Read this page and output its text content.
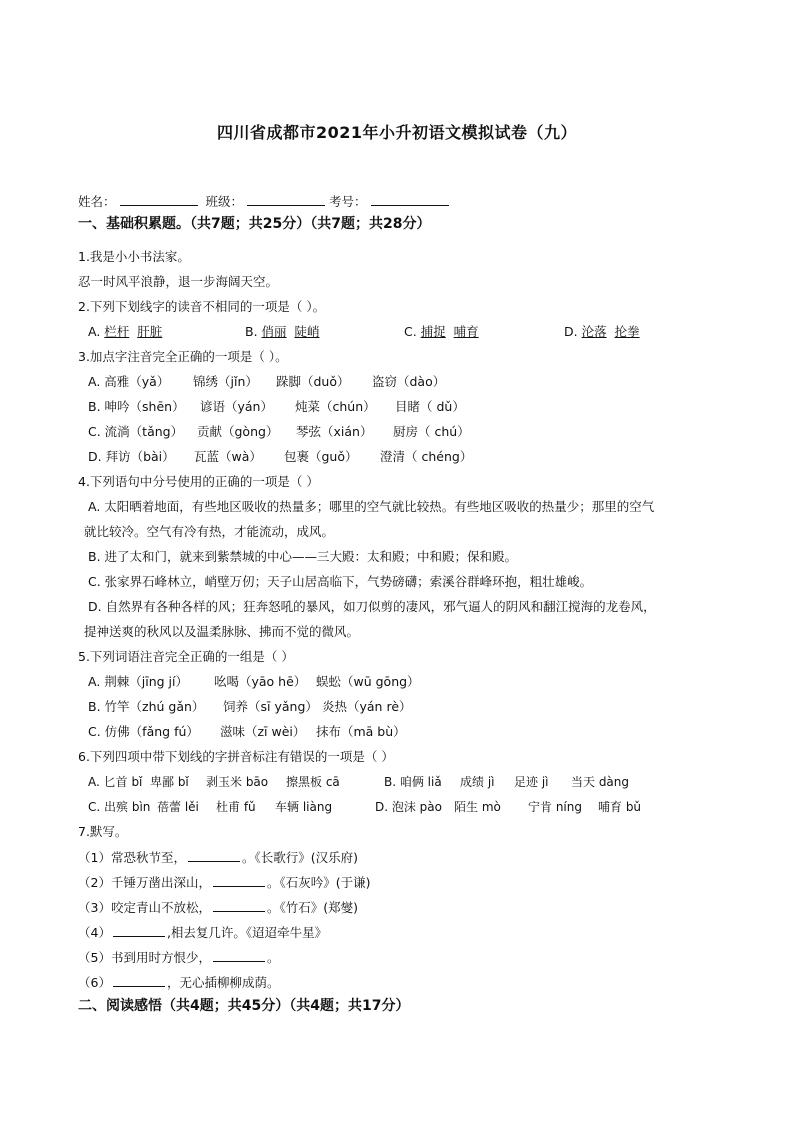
四川省成都市2021年小升初语文模拟试卷（九）
姓名：	班级：	考号：
一、基础积累题。（共7题；共25分）（共7题；共28分）
1.我是小小书法家。
忍一时风平浪静，退一步海阔天空。
2.下列下划线字的读音不相同的一项是（ ）。
A. 栏杆 肝脏	B. 俏丽 陡峭	C. 捕捉 哺育	D. 沦落 抡拳
3.加点字注音完全正确的一项是（ ）。
A. 高雅（yǎ） 锦绣（jǐn） 跺脚（duǒ） 盗窃（dào）
B. 呻吟（shēn） 谚语（yán） 炖菜（chún） 目睹（ dǔ）
C. 流淌（tǎng） 贡献（gòng） 琴弦（xián） 厨房（ chú）
D. 拜访（bài） 瓦蓝（wà） 包裹（guǒ） 澄清（ chéng）
4.下列语句中分号使用的正确的一项是（ ）
A. 太阳晒着地面，有些地区吸收的热量多；哪里的空气就比较热。有些地区吸收的热量少；那里的空气
就比较冷。空气有冷有热，才能流动，成风。
B. 进了太和门，就来到紫禁城的中心——三大殿：太和殿；中和殿；保和殿。
C. 张家界石峰林立，峭壁万仞；天子山居高临下，气势磅礴；索溪谷群峰环抱，粗壮雄峻。
D. 自然界有各种各样的风；狂奔怒吼的暴风，如刀似剪的凄风，邪气逼人的阴风和翻江搅海的龙卷风，
提神送爽的秋风以及温柔脉脉、拂而不觉的微风。
5.下列词语注音完全正确的一组是（ ）
A. 荆棘（jīng jí） 吆喝（yāo hē） 蜈蚣（wū gōng）
B. 竹竿（zhú gǎn） 饲养（sī yǎng） 炎热（yán rè）
C. 仿佛（fǎng fú） 滋味（zī wèi） 抹布（mā bù）
6.下列四项中带下划线的字拼音标注有错误的一项是（ ）
A. 匕首 bǐ 卑鄙 bǐ 剥玉米 bāo 擦黑板 cā	B. 咱俩 liǎ 成绩 jì 足迹 jì 当天 dàng
C. 出殡 bìn 蓓蕾 lěi 杜甫 fǔ 车辆 liàng	D. 泡沫 pào 陌生 mò 宁肯 níng 哺育 bǔ
7.默写。
（1）常恐秋节至，	。《长歌行》(汉乐府)
（2）千锤万凿出深山，	。《石灰吟》(于谦)
（3）咬定青山不放松，	。《竹石》(郑燮)
（4）	,相去复几许。《迢迢牵牛星》
（5）书到用时方恨少，	。
（6）	，无心插柳柳成荫。
二、阅读感悟（共4题；共45分）（共4题；共17分）
